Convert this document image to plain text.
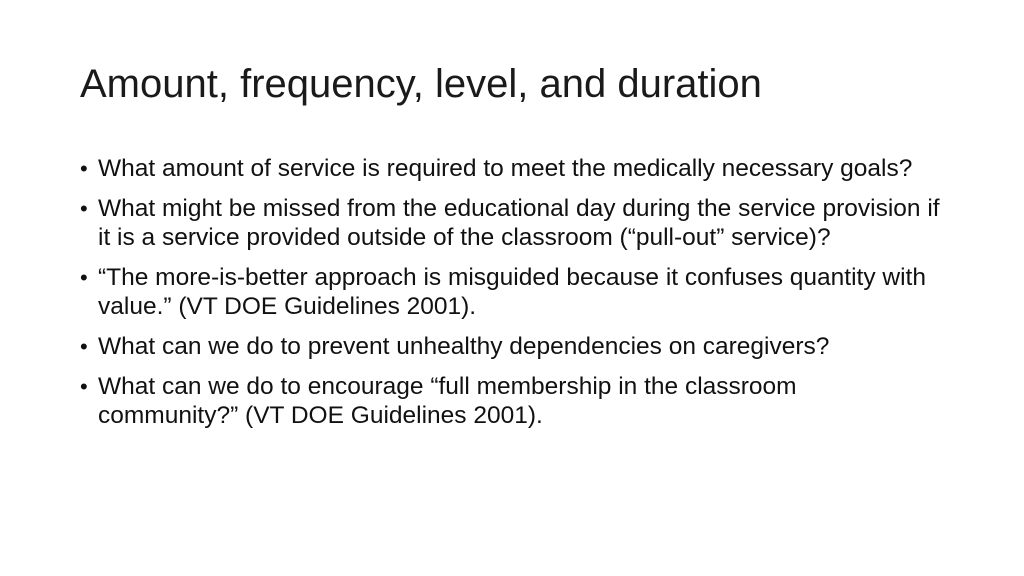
Amount, frequency, level, and duration
• What amount of service is required to meet the medically necessary goals?
• What might be missed from the educational day during the service provision if it is a service provided outside of the classroom (“pull-out” service)?
• “The more-is-better approach is misguided because it confuses quantity with value.” (VT DOE Guidelines 2001).
• What can we do to prevent unhealthy dependencies on caregivers?
• What can we do to encourage “full membership in the classroom community?” (VT DOE Guidelines 2001).
